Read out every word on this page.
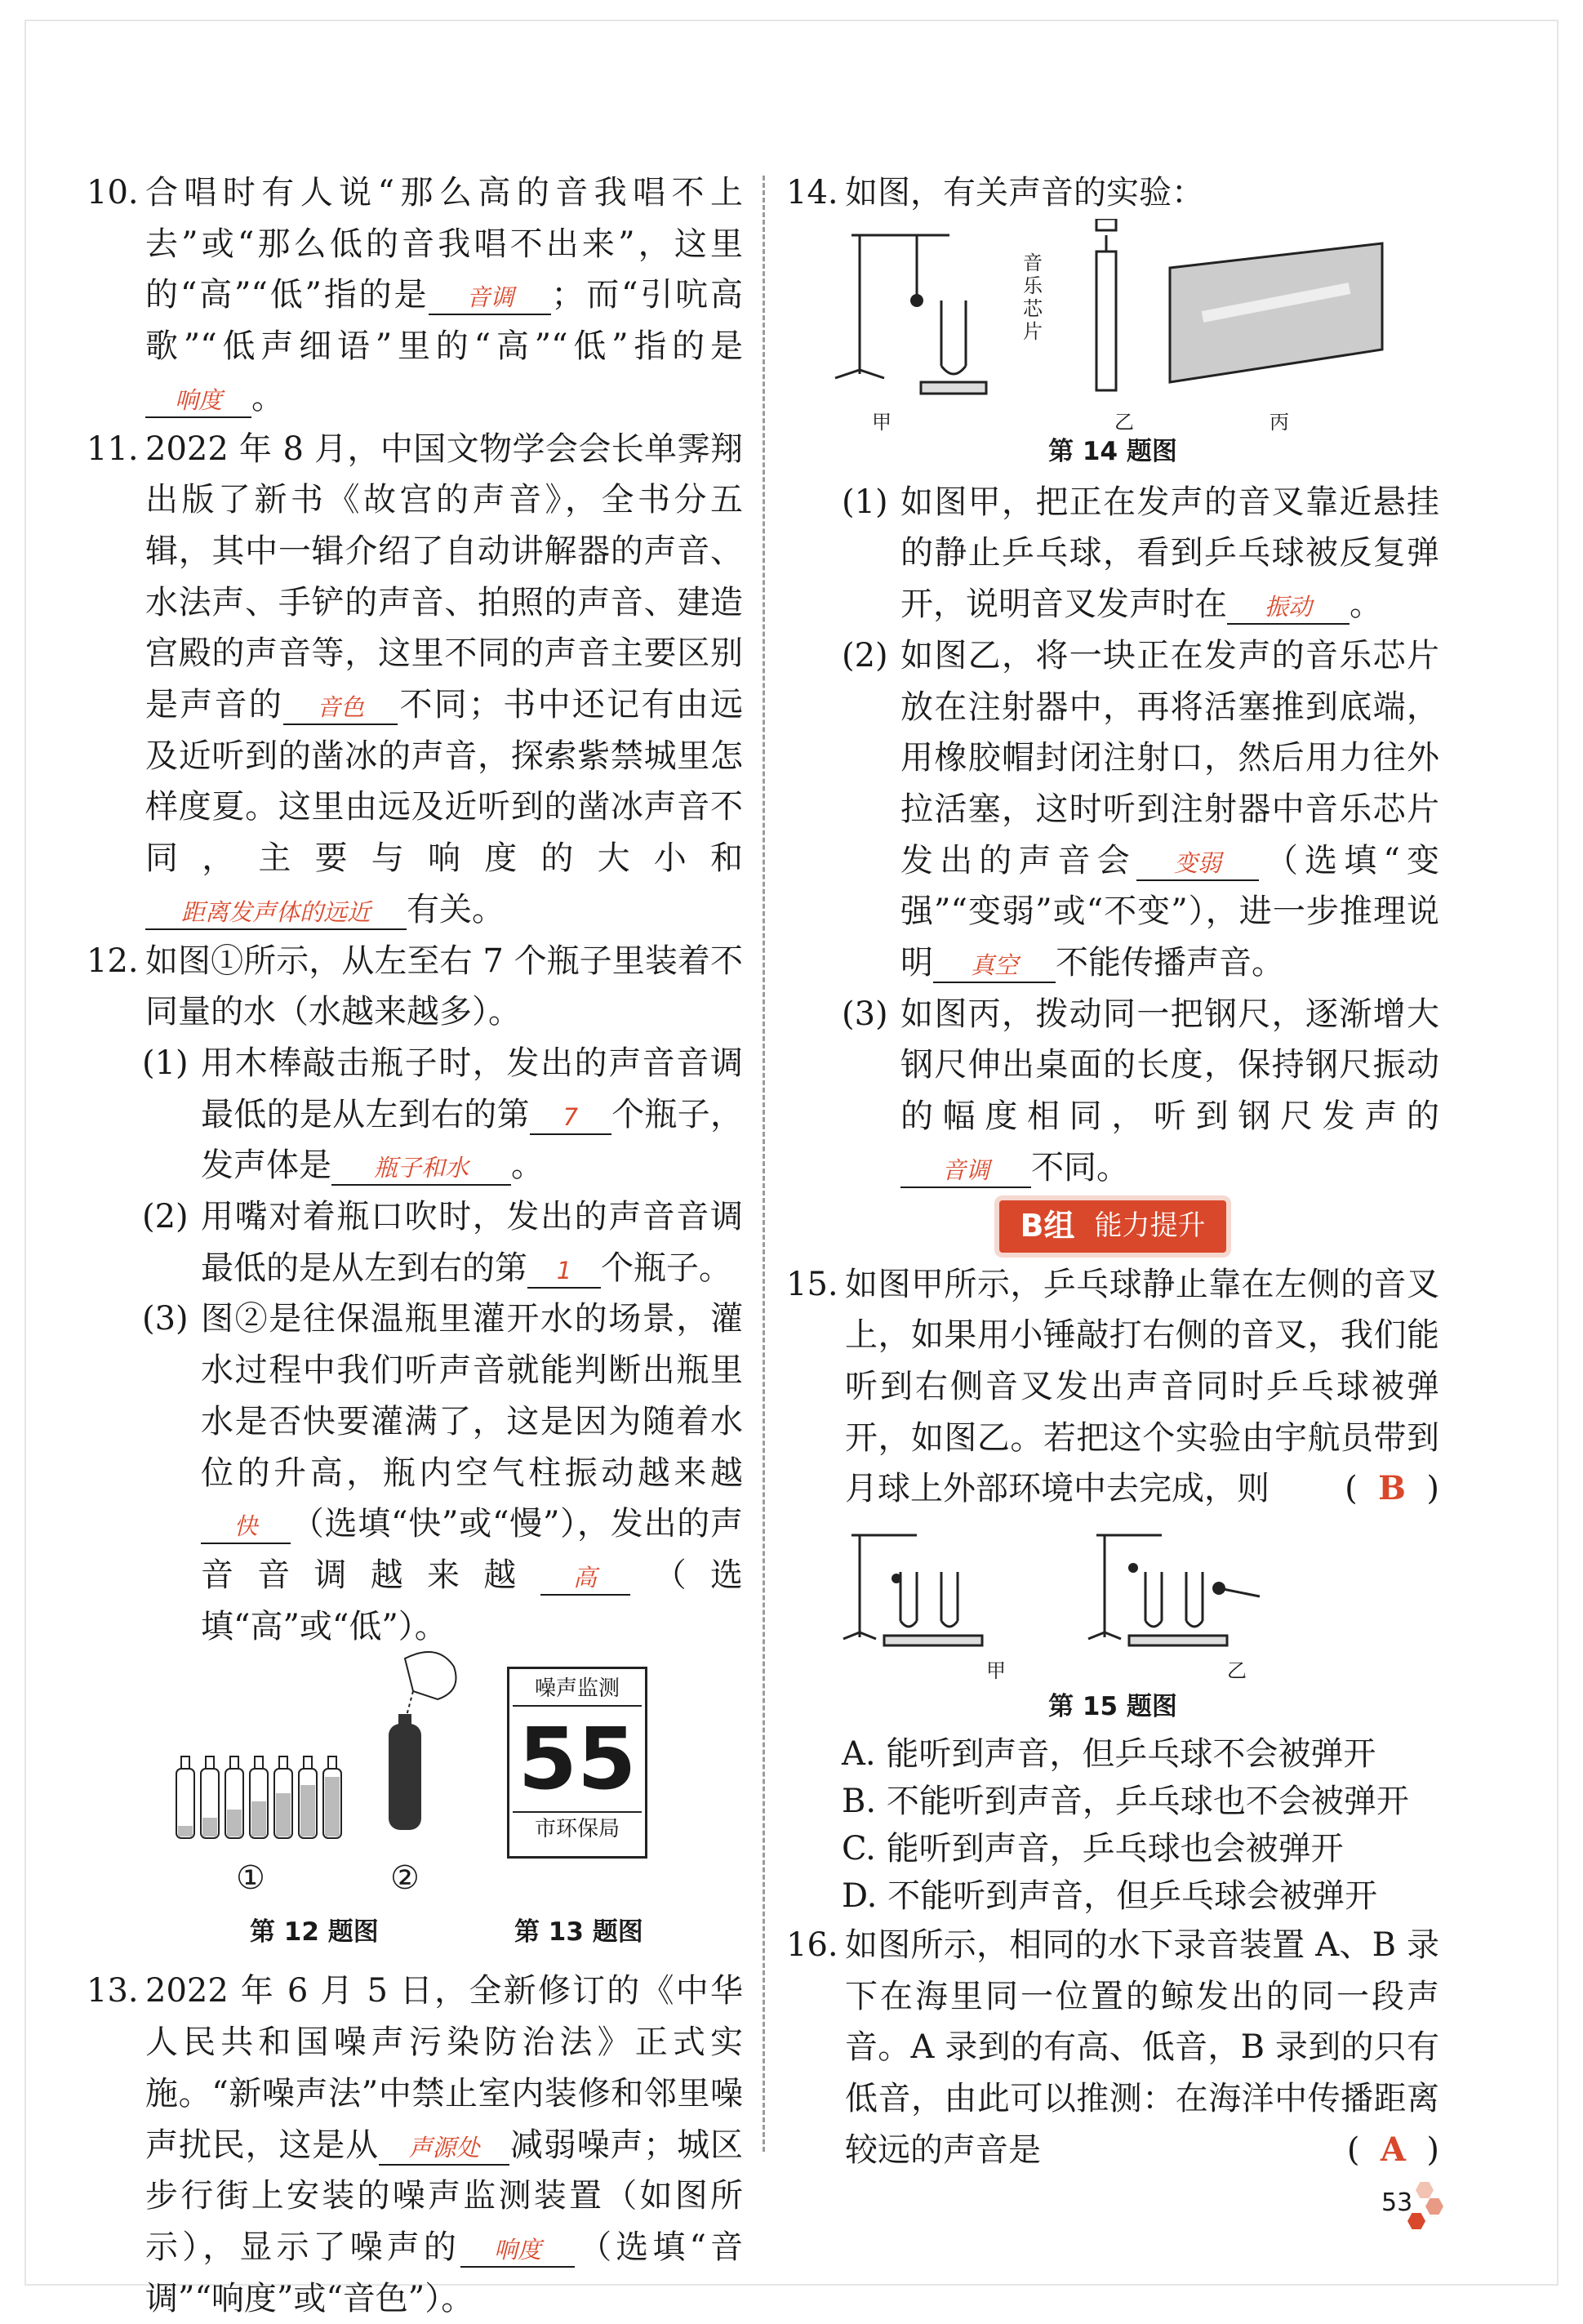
10. 合唱时有人说“那么高的音我唱不上去”或“那么低的音我唱不出来”，这里的“高”“低”指的是 音调 ；而“引吭高歌”“低声细语”里的“高”“低”指的是响度 。
11. 2022 年 8 月，中国文物学会会长单霁翔出版了新书《故宫的声音》，全书分五辑，其中一辑介绍了自动讲解器的声音、水法声、手铲的声音、拍照的声音、建造宫殿的声音等，这里不同的声音主要区别是声音的 音色 不同；书中还记有由远及近听到的凿冰的声音，探索紫禁城里怎样度夏。这里由远及近听到的凿冰声音不同，主要与响度的大小和距离发声体的远近 有关。
12. 如图①所示，从左至右 7 个瓶子里装着不同量的水（水越来越多）。
(1) 用木棒敲击瓶子时，发出的声音音调最低的是从左到右的第 7 个瓶子，发声体是 瓶子和水 。
(2) 用嘴对着瓶口吹时，发出的声音音调最低的是从左到右的第 1 个瓶子。
(3) 图②是往保温瓶里灌开水的场景，灌水过程中我们听声音就能判断出瓶里水是否快要灌满了，这是因为随着水位的升高，瓶内空气柱振动越来越快 （选填“快”或“慢”），发出的声音音调越来越 高 （选填“高”或“低”）。
①	②
噪声监测
55
市环保局
第 12 题图	第 13 题图
13. 2022 年 6 月 5 日，全新修订的《中华人民共和国噪声污染防治法》正式实施。“新噪声法”中禁止室内装修和邻里噪声扰民，这是从 声源处 减弱噪声；城区步行街上安装的噪声监测装置（如图所示），显示了噪声的 响度 （选填“音调”“响度”或“音色”）。
14. 如图，有关声音的实验：
音乐芯片
甲	乙	丙
第 14 题图
(1) 如图甲，把正在发声的音叉靠近悬挂的静止乒乓球，看到乒乓球被反复弹开，说明音叉发声时在 振动 。
(2) 如图乙，将一块正在发声的音乐芯片放在注射器中，再将活塞推到底端，用橡胶帽封闭注射口，然后用力往外拉活塞，这时听到注射器中音乐芯片发出的声音会 变弱 （选填“变强”“变弱”或“不变”），进一步推理说明 真空 不能传播声音。
(3) 如图丙，拨动同一把钢尺，逐渐增大钢尺伸出桌面的长度，保持钢尺振动的幅度相同，听到钢尺发声的音调 不同。
B组 能力提升
15. 如图甲所示，乒乓球静止靠在左侧的音叉上，如果用小锤敲打右侧的音叉，我们能听到右侧音叉发出声音同时乒乓球被弹开，如图乙。若把这个实验由宇航员带到月球上外部环境中去完成，则 ( B )
甲	乙
第 15 题图
A. 能听到声音，但乒乓球不会被弹开
B. 不能听到声音，乒乓球也不会被弹开
C. 能听到声音，乒乓球也会被弹开
D. 不能听到声音，但乒乓球会被弹开
16. 如图所示，相同的水下录音装置 A、B 录下在海里同一位置的鲸发出的同一段声音。A 录到的有高、低音，B 录到的只有低音，由此可以推测：在海洋中传播距离较远的声音是	( A )
53
